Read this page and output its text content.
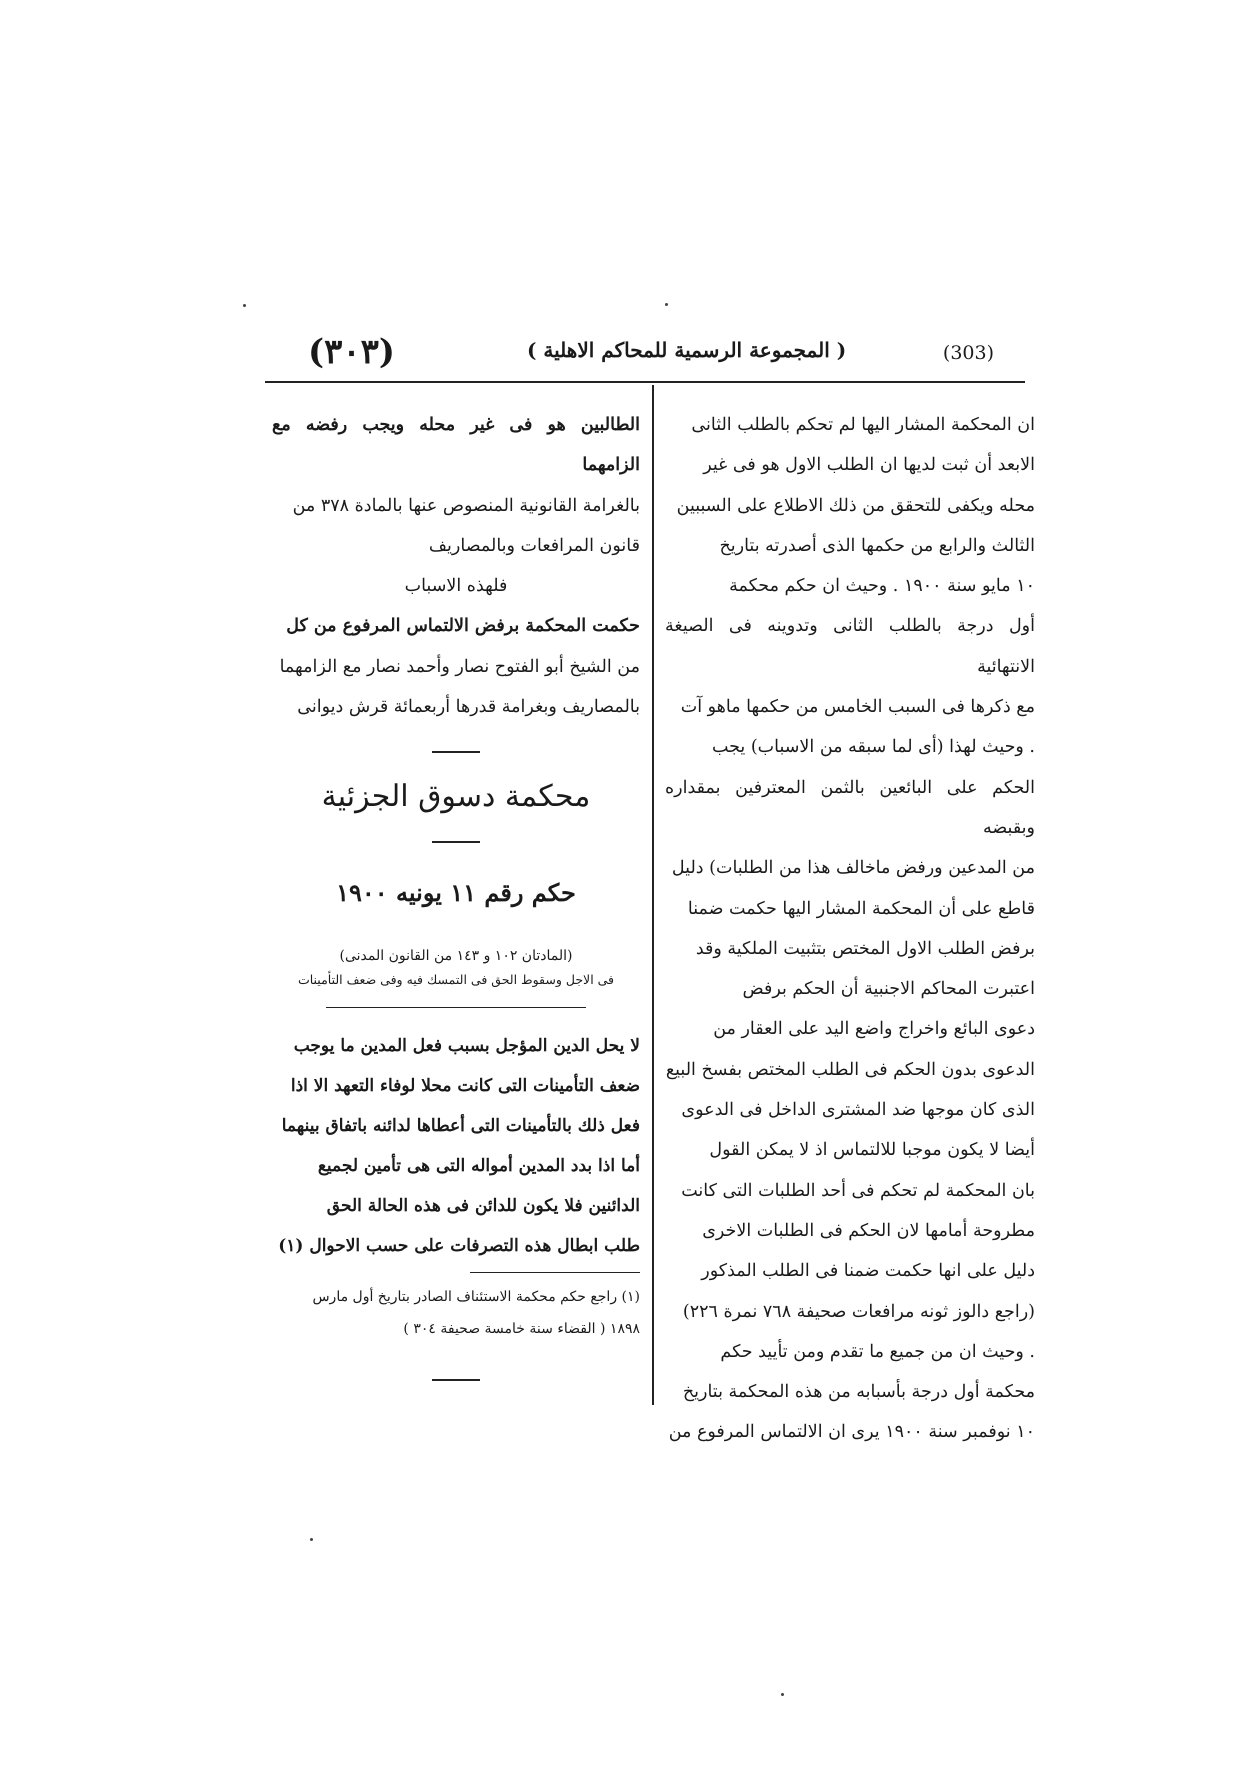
(٣٠٣)	( المجموعة الرسمية للمحاكم الاهلية )	(303)

ان المحكمة المشار اليها لم تحكم بالطلب الثانى

الابعد أن ثبت لديها ان الطلب الاول هو فى غير

محله ويكفى للتحقق من ذلك الاطلاع على السببين

الثالث والرابع من حكمها الذى أصدرته بتاريخ

١٠ مايو سنة ١٩٠٠ . وحيث ان حكم محكمة

أول درجة بالطلب الثانى وتدوينه فى الصيغة الانتهائية

مع ذكرها فى السبب الخامس من حكمها ماهو آت

. وحيث لهذا (أى لما سبقه من الاسباب) يجب

الحكم على البائعين بالثمن المعترفين بمقداره وبقبضه

من المدعين ورفض ماخالف هذا من الطلبات) دليل

قاطع على أن المحكمة المشار اليها حكمت ضمنا

برفض الطلب الاول المختص بتثبيت الملكية وقد

اعتبرت المحاكم الاجنبية أن الحكم برفض

دعوى البائع واخراج واضع اليد على العقار من

الدعوى بدون الحكم فى الطلب المختص بفسخ البيع

الذى كان موجها ضد المشترى الداخل فى الدعوى

أيضا لا يكون موجبا للالتماس اذ لا يمكن القول

بان المحكمة لم تحكم فى أحد الطلبات التى كانت

مطروحة أمامها لان الحكم فى الطلبات الاخرى

دليل على انها حكمت ضمنا فى الطلب المذكور

(راجع دالوز ثونه مرافعات صحيفة ٧٦٨ نمرة ٢٢٦)

. وحيث ان من جميع ما تقدم ومن تأييد حكم

محكمة أول درجة بأسبابه من هذه المحكمة بتاريخ

١٠ نوفمبر سنة ١٩٠٠ يرى ان الالتماس المرفوع من

الطالبين هو فى غير محله ويجب رفضه مع الزامهما

بالغرامة القانونية المنصوص عنها بالمادة ٣٧٨ من

قانون المرافعات وبالمصاريف

فلهذه الاسباب

حكمت المحكمة برفض الالتماس المرفوع من كل

من الشيخ أبو الفتوح نصار وأحمد نصار مع الزامهما

بالمصاريف وبغرامة قدرها أربعمائة قرش ديوانى

محكمة دسوق الجزئية
حكم رقم ١١ يونيه ١٩٠٠
(المادتان ١٠٢ و ١٤٣ من القانون المدنى)
فى الاجل وسقوط الحق فى التمسك فيه وفى ضعف التأمينات

لا يحل الدين المؤجل بسبب فعل المدين ما يوجب

ضعف التأمينات التى كانت محلا لوفاء التعهد الا اذا

فعل ذلك بالتأمينات التى أعطاها لدائنه باتفاق بينهما

أما اذا بدد المدين أمواله التى هى تأمين لجميع

الدائنين فلا يكون للدائن فى هذه الحالة الحق

طلب ابطال هذه التصرفات على حسب الاحوال (١)

(١) راجع حكم محكمة الاستئناف الصادر بتاريخ أول مارس

١٨٩٨ ( القضاء سنة خامسة صحيفة ٣٠٤ )
